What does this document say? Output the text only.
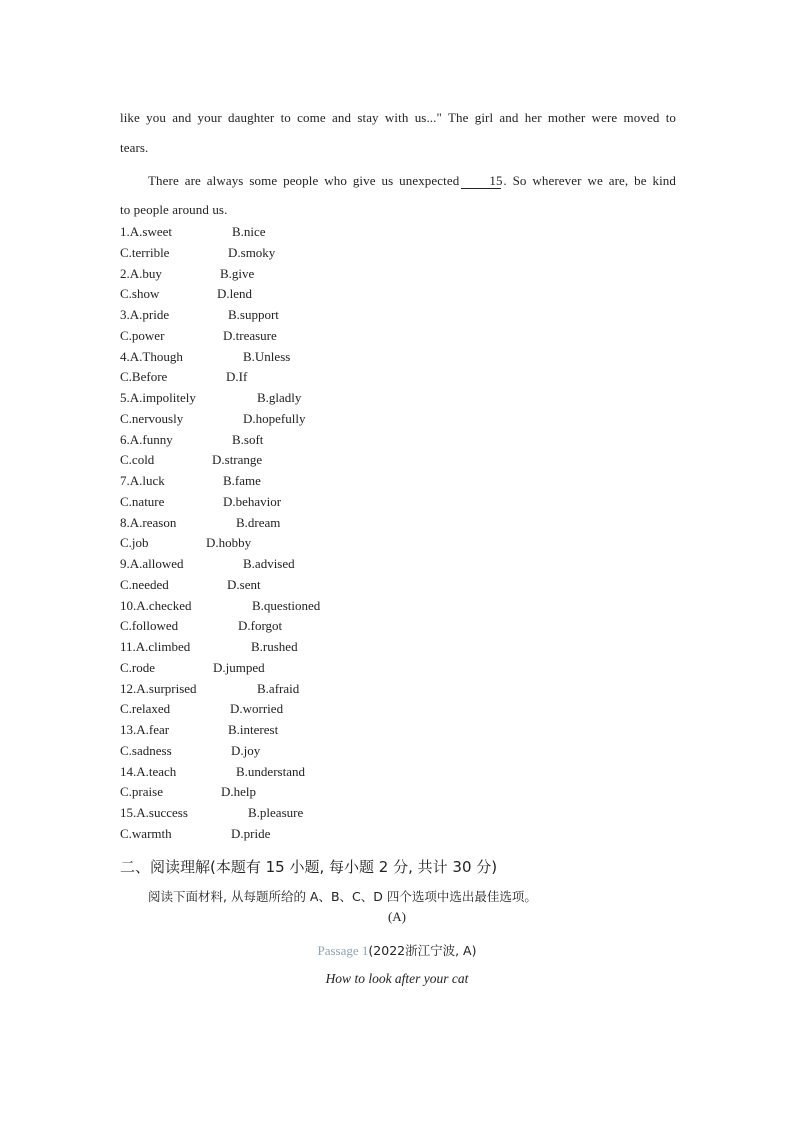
like you and your daughter to come and stay with us..." The girl and her mother were moved to
tears.
There are always some people who give us unexpected 15. So wherever we are, be kind
to people around us.
1.A.sweet	B.nice
C.terrible	D.smoky
2.A.buy	B.give
C.show	D.lend
3.A.pride	B.support
C.power	D.treasure
4.A.Though	B.Unless
C.Before	D.If
5.A.impolitely	B.gladly
C.nervously	D.hopefully
6.A.funny	B.soft
C.cold	D.strange
7.A.luck	B.fame
C.nature	D.behavior
8.A.reason	B.dream
C.job	D.hobby
9.A.allowed	B.advised
C.needed	D.sent
10.A.checked	B.questioned
C.followed	D.forgot
11.A.climbed	B.rushed
C.rode	D.jumped
12.A.surprised	B.afraid
C.relaxed	D.worried
13.A.fear	B.interest
C.sadness	D.joy
14.A.teach	B.understand
C.praise	D.help
15.A.success	B.pleasure
C.warmth	D.pride
二、阅读理解(本题有 15 小题, 每小题 2 分, 共计 30 分)
阅读下面材料, 从每题所给的 A、B、C、D 四个选项中选出最佳选项。
(A)
Passage 1(2022浙江宁波, A)
How to look after your cat
